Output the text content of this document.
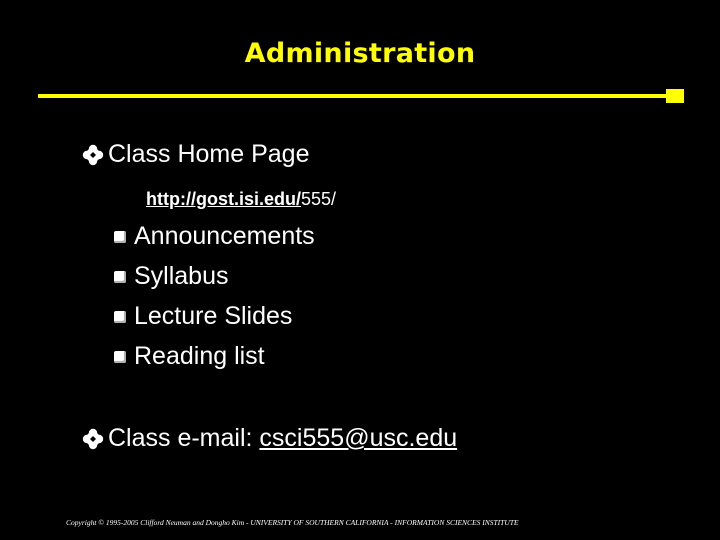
Administration
Class Home Page
http://gost.isi.edu/555/
Announcements
Syllabus
Lecture Slides
Reading list
Class e-mail: csci555@usc.edu
Copyright © 1995-2005 Clifford Neuman and Dongho Kim - UNIVERSITY OF SOUTHERN CALIFORNIA - INFORMATION SCIENCES INSTITUTE
